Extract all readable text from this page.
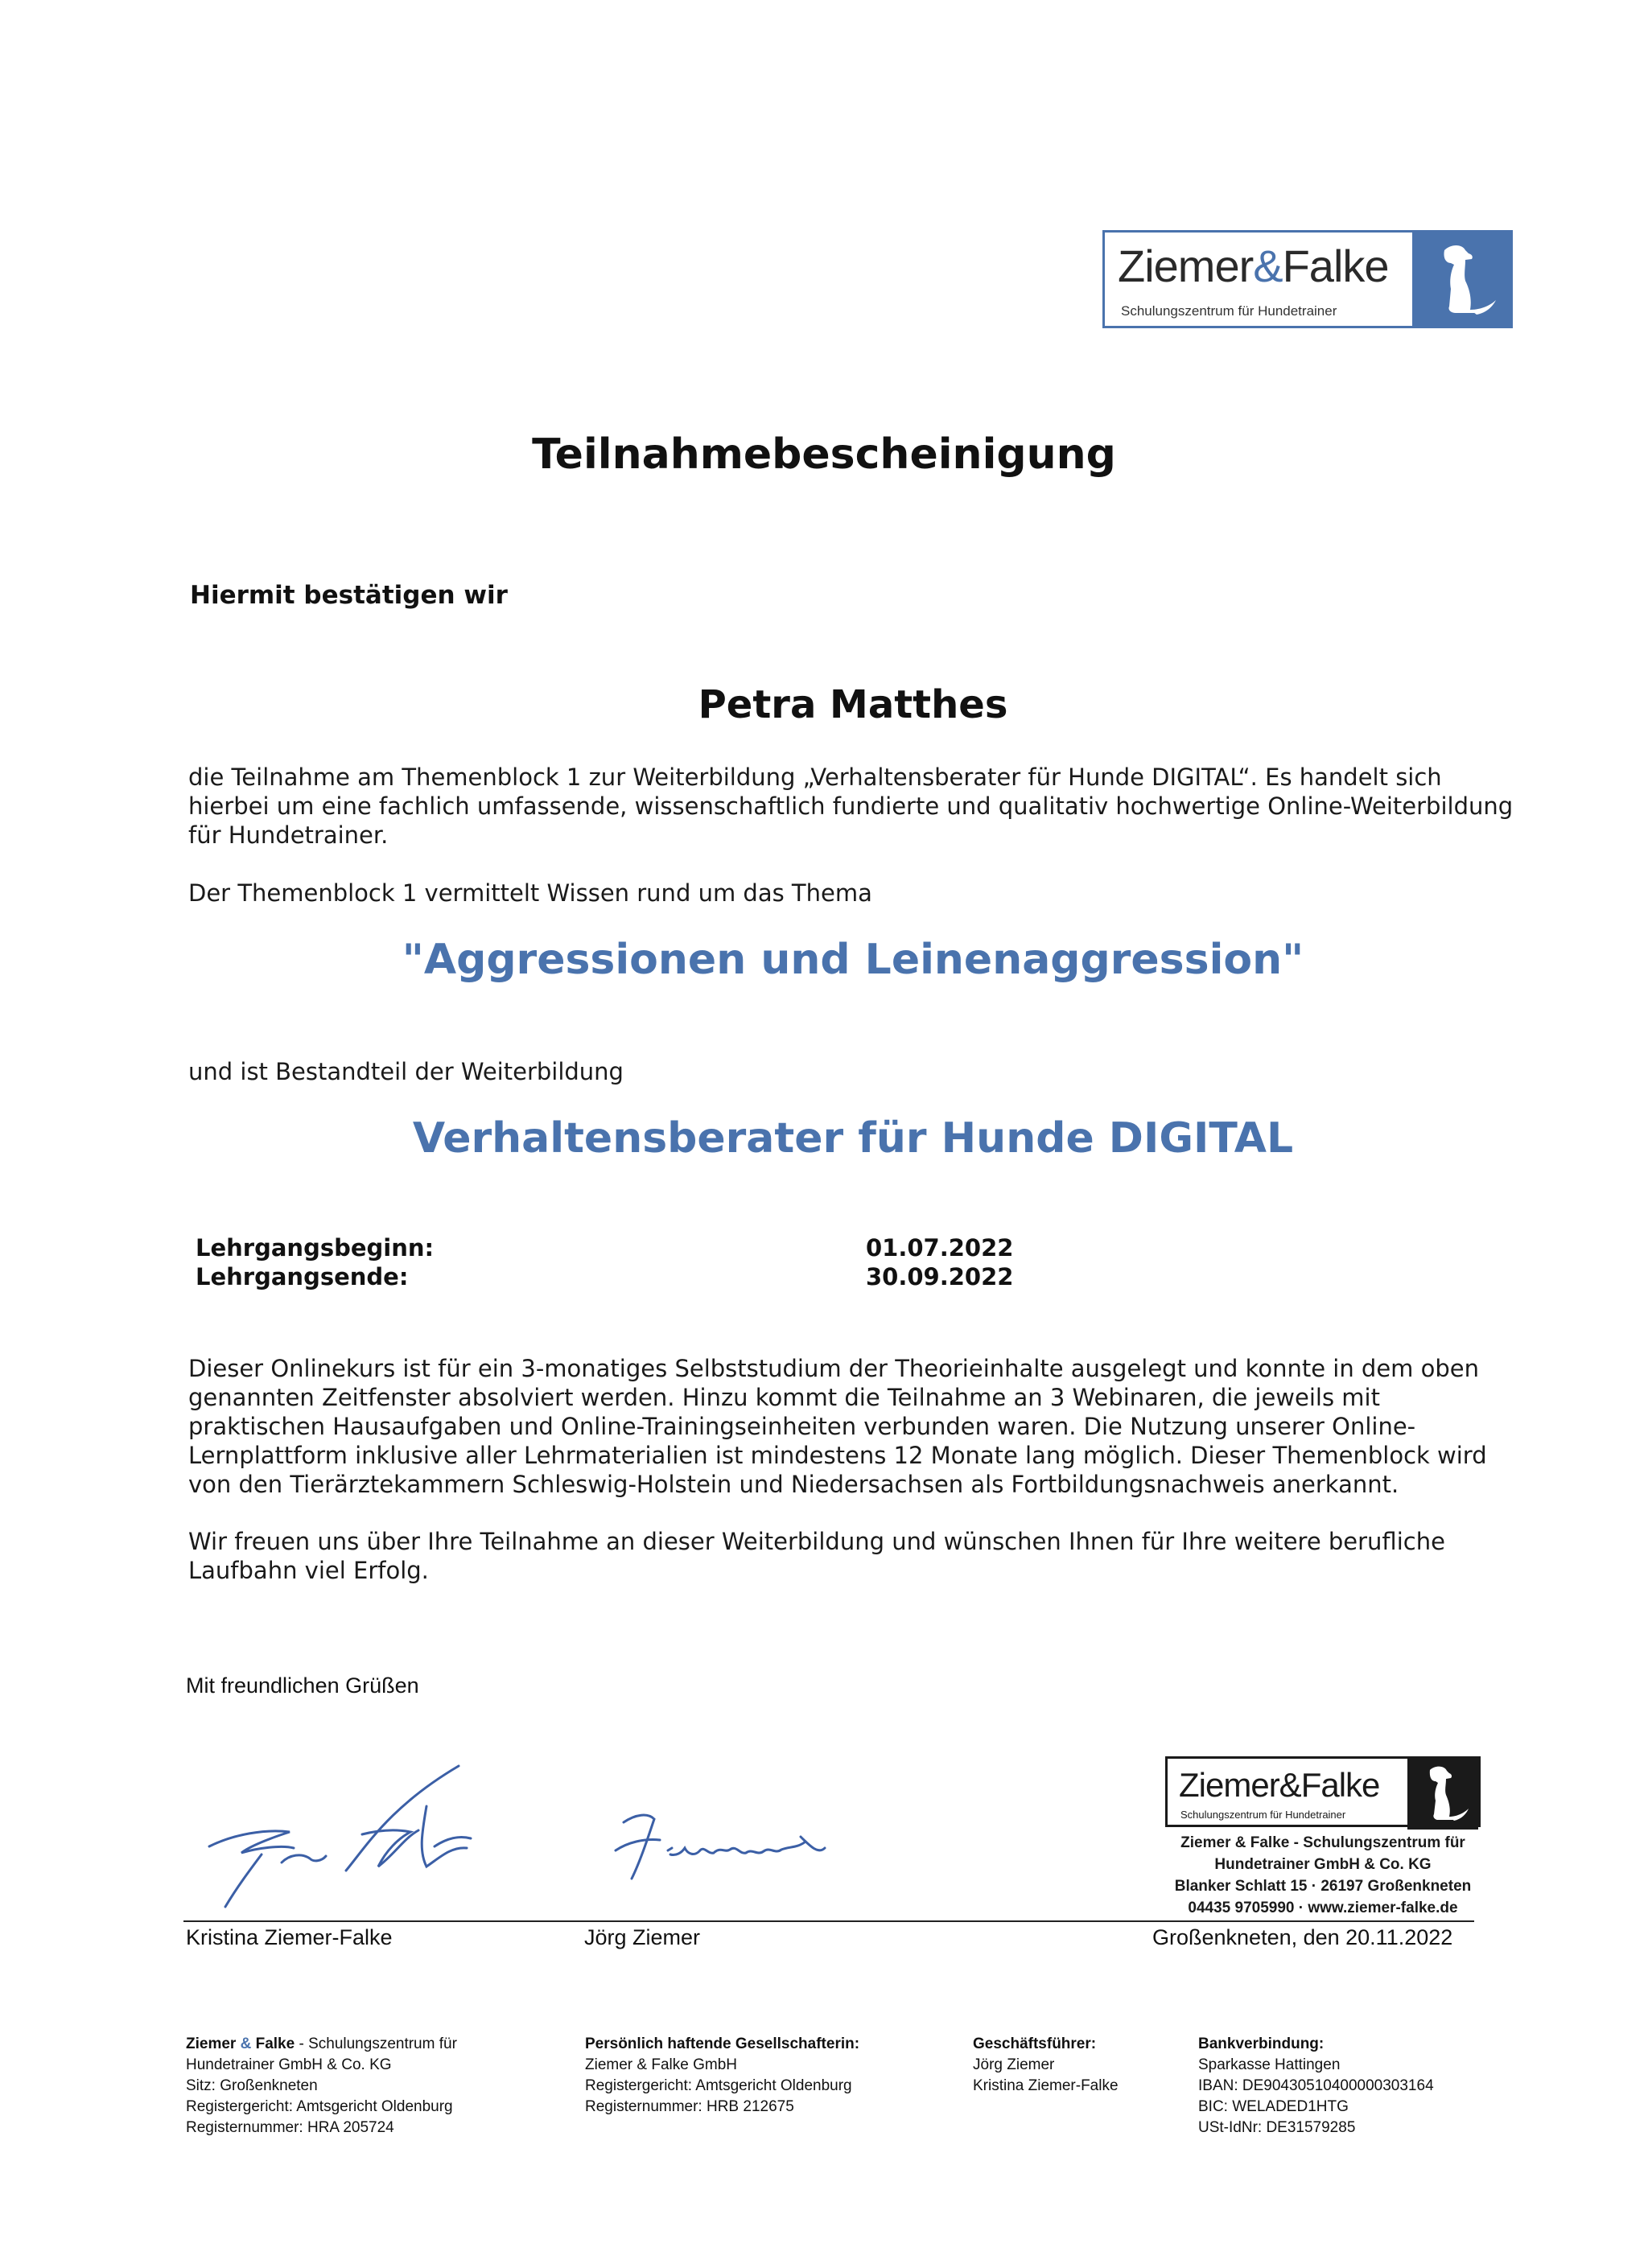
Ziemer&Falke
Schulungszentrum für Hundetrainer
Teilnahmebescheinigung
Hiermit bestätigen wir
Petra Matthes
die Teilnahme am Themenblock 1 zur Weiterbildung „Verhaltensberater für Hunde DIGITAL“. Es handelt sich hierbei um eine fachlich umfassende, wissenschaftlich fundierte und qualitativ hochwertige Online-Weiterbildung für Hundetrainer.
Der Themenblock 1 vermittelt Wissen rund um das Thema
"Aggressionen und Leinenaggression"
und ist Bestandteil der Weiterbildung
Verhaltensberater für Hunde DIGITAL
Lehrgangsbeginn:
Lehrgangsende:
01.07.2022
30.09.2022
Dieser Onlinekurs ist für ein 3-monatiges Selbststudium der Theorieinhalte ausgelegt und konnte in dem oben genannten Zeitfenster absolviert werden. Hinzu kommt die Teilnahme an 3 Webinaren, die jeweils mit praktischen Hausaufgaben und Online-Trainingseinheiten verbunden waren. Die Nutzung unserer Online-Lernplattform inklusive aller Lehrmaterialien ist mindestens 12 Monate lang möglich. Dieser Themenblock wird von den Tierärztekammern Schleswig-Holstein und Niedersachsen als Fortbildungsnachweis anerkannt.
Wir freuen uns über Ihre Teilnahme an dieser Weiterbildung und wünschen Ihnen für Ihre weitere berufliche Laufbahn viel Erfolg.
Mit freundlichen Grüßen
Ziemer&Falke
Schulungszentrum für Hundetrainer
Ziemer & Falke - Schulungszentrum für
Hundetrainer GmbH & Co. KG
Blanker Schlatt 15 · 26197 Großenkneten
04435 9705990 · www.ziemer-falke.de
Kristina Ziemer-Falke	Jörg Ziemer	Großenkneten, den 20.11.2022
Ziemer & Falke - Schulungszentrum für
Hundetrainer GmbH & Co. KG
Sitz: Großenkneten
Registergericht: Amtsgericht Oldenburg
Registernummer: HRA 205724
Persönlich haftende Gesellschafterin:
Ziemer & Falke GmbH
Registergericht: Amtsgericht Oldenburg
Registernummer: HRB 212675
Geschäftsführer:
Jörg Ziemer
Kristina Ziemer-Falke
Bankverbindung:
Sparkasse Hattingen
IBAN: DE90430510400000303164
BIC: WELADED1HTG
USt-IdNr: DE31579285
